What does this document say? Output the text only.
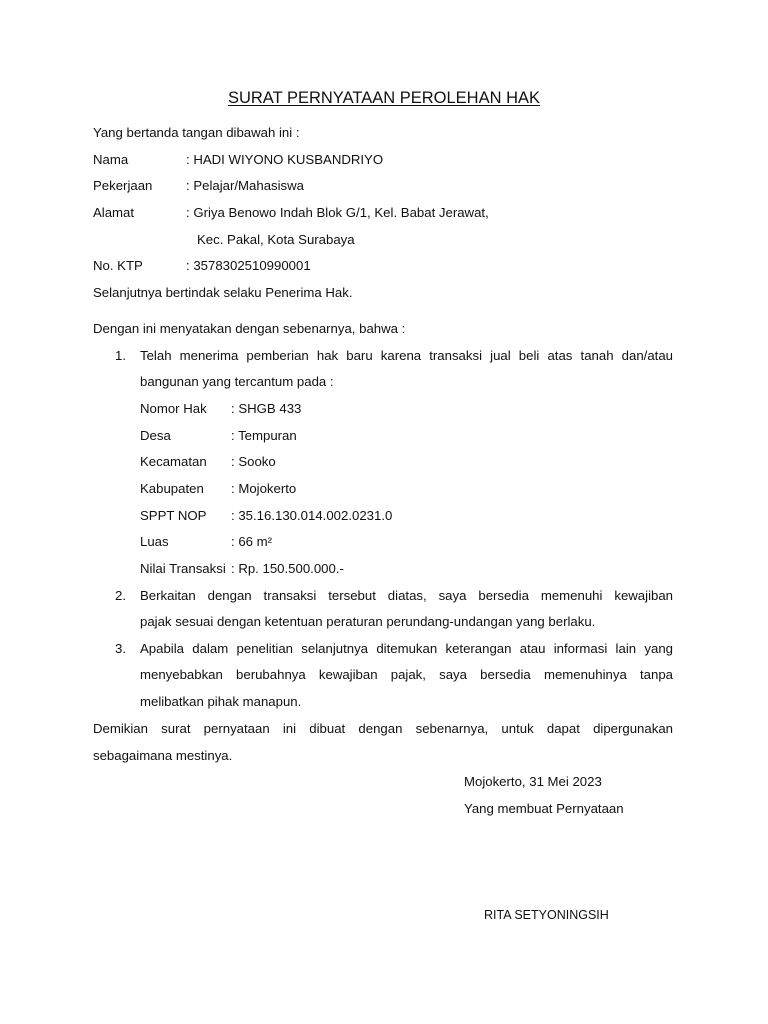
SURAT PERNYATAAN PEROLEHAN HAK
Yang bertanda tangan dibawah ini :
Nama	: HADI WIYONO KUSBANDRIYO
Pekerjaan	: Pelajar/Mahasiswa
Alamat	: Griya Benowo Indah Blok G/1, Kel. Babat Jerawat,
Kec. Pakal, Kota Surabaya
No. KTP	: 3578302510990001
Selanjutnya bertindak selaku Penerima Hak.
Dengan ini menyatakan dengan sebenarnya, bahwa :
1. Telah menerima pemberian hak baru karena transaksi jual beli atas tanah dan/atau
bangunan yang tercantum pada :
Nomor Hak : SHGB 433
Desa	: Tempuran
Kecamatan : Sooko
Kabupaten : Mojokerto
SPPT NOP : 35.16.130.014.002.0231.0
Luas	: 66 m²
Nilai Transaksi : Rp. 150.500.000.-
2. Berkaitan dengan transaksi tersebut diatas, saya bersedia memenuhi kewajiban
pajak sesuai dengan ketentuan peraturan perundang-undangan yang berlaku.
3. Apabila dalam penelitian selanjutnya ditemukan keterangan atau informasi lain yang
menyebabkan berubahnya kewajiban pajak, saya bersedia memenuhinya tanpa
melibatkan pihak manapun.
Demikian surat pernyataan ini dibuat dengan sebenarnya, untuk dapat dipergunakan
sebagaimana mestinya.
Mojokerto, 31 Mei 2023
Yang membuat Pernyataan
RITA SETYONINGSIH
